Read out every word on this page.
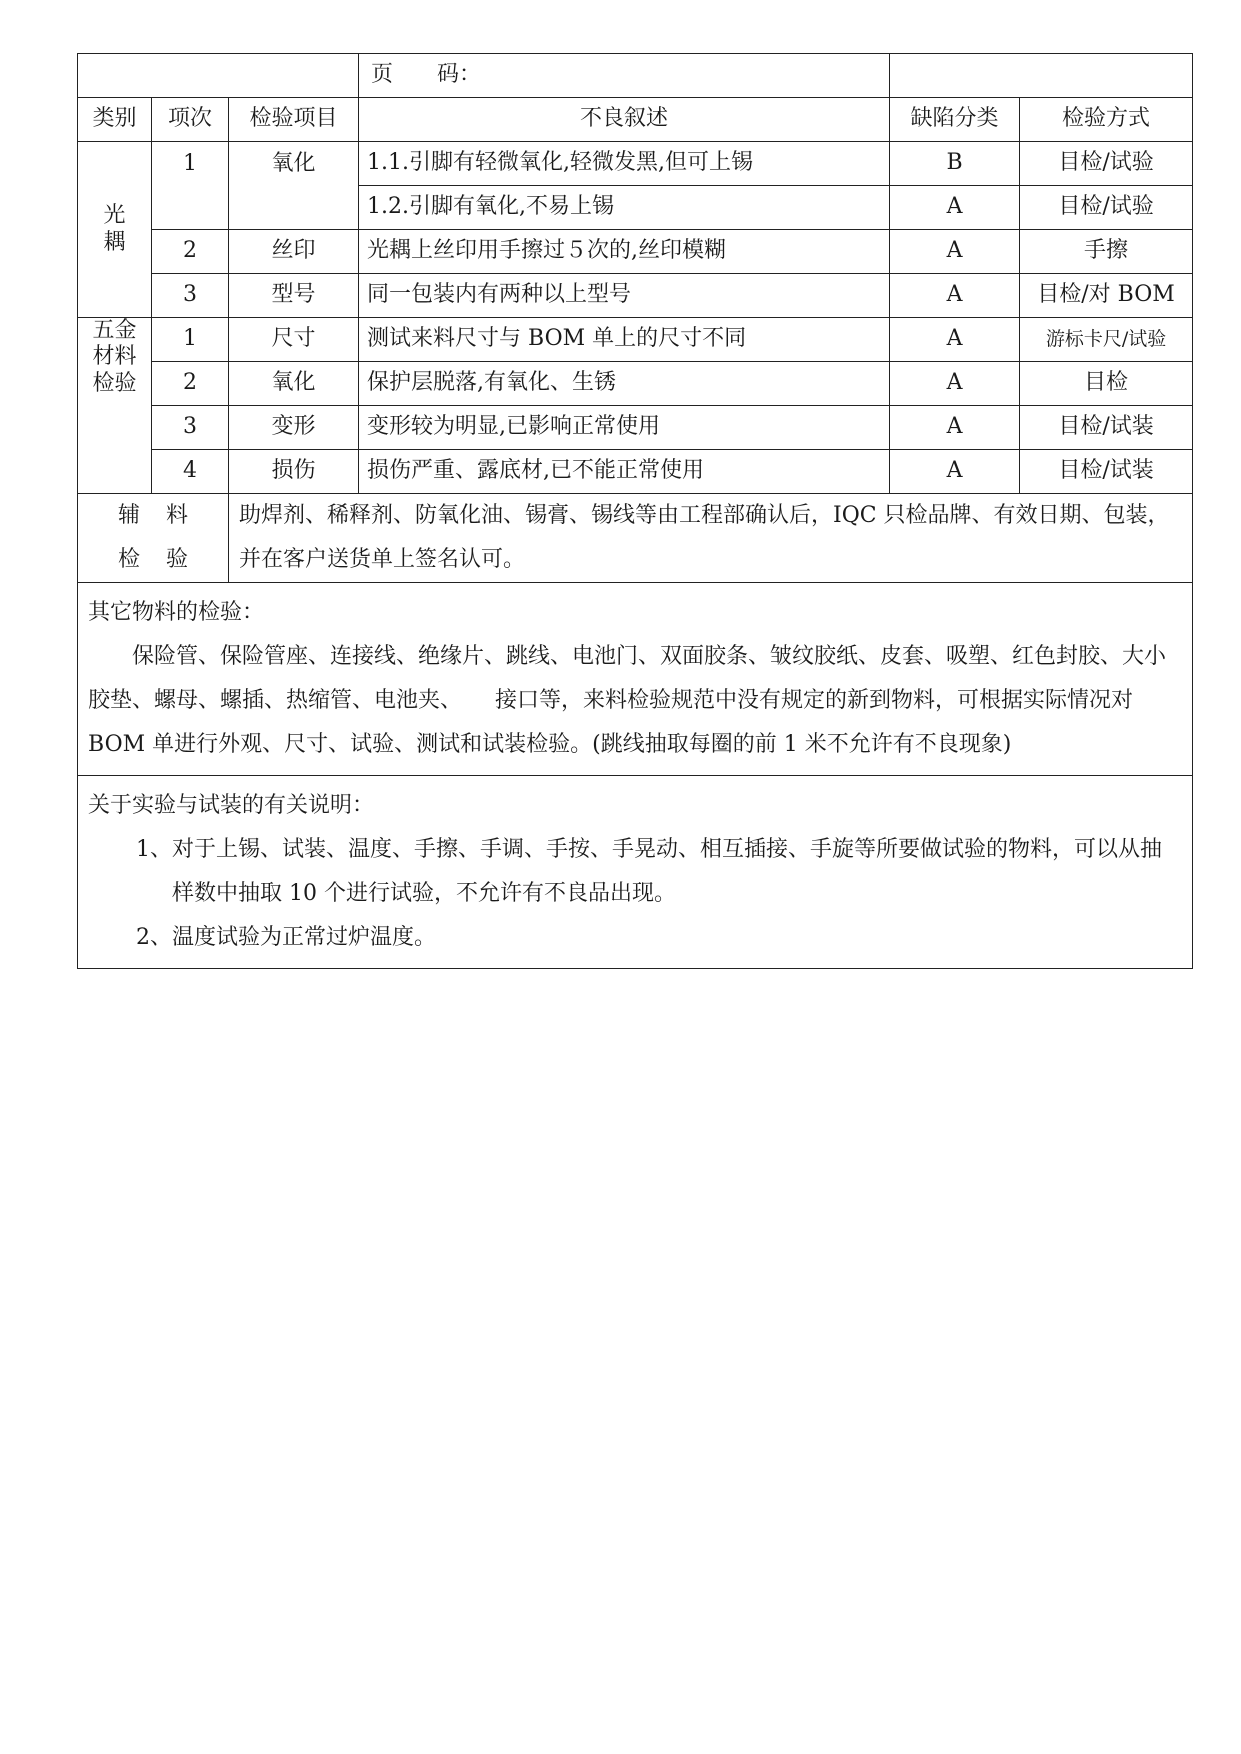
			页　　码：		
类别	项次	检验项目	不良叙述	缺陷分类	检验方式

光
耦	1	氧化	1.1.引脚有轻微氧化,轻微发黑,但可上锡	B	目检/试验
			1.2.引脚有氧化,不易上锡	A	目检/试验
	2	丝印	光耦上丝印用手擦过５次的,丝印模糊	A	手擦
	3	型号	同一包装内有两种以上型号	A	目检/对 BOM

五金
材料
检验	1	尺寸	测试来料尺寸与 BOM 单上的尺寸不同	A	游标卡尺/试验
	2	氧化	保护层脱落,有氧化、生锈	A	目检
	3	变形	变形较为明显,已影响正常使用	A	目检/试装
	4	损伤	损伤严重、露底材,已不能正常使用	A	目检/试装

辅料
检验		助焊剂、稀释剂、防氧化油、锡膏、锡线等由工程部确认后，IQC 只检品牌、有效日期、包装，并在客户送货单上签名认可。			

其它物料的检验：
保险管、保险管座、连接线、绝缘片、跳线、电池门、双面胶条、皱纹胶纸、皮套、吸塑、红色封胶、大小胶垫、螺母、螺插、热缩管、电池夹、　　接口等，来料检验规范中没有规定的新到物料，可根据实际情况对 BOM 单进行外观、尺寸、试验、测试和试装检验。(跳线抽取每圈的前 1 米不允许有不良现象)					

关于实验与试装的有关说明：
1、对于上锡、试装、温度、手擦、手调、手按、手晃动、相互插接、手旋等所要做试验的物料，可以从抽样数中抽取 10 个进行试验，不允许有不良品出现。
2、温度试验为正常过炉温度。					
